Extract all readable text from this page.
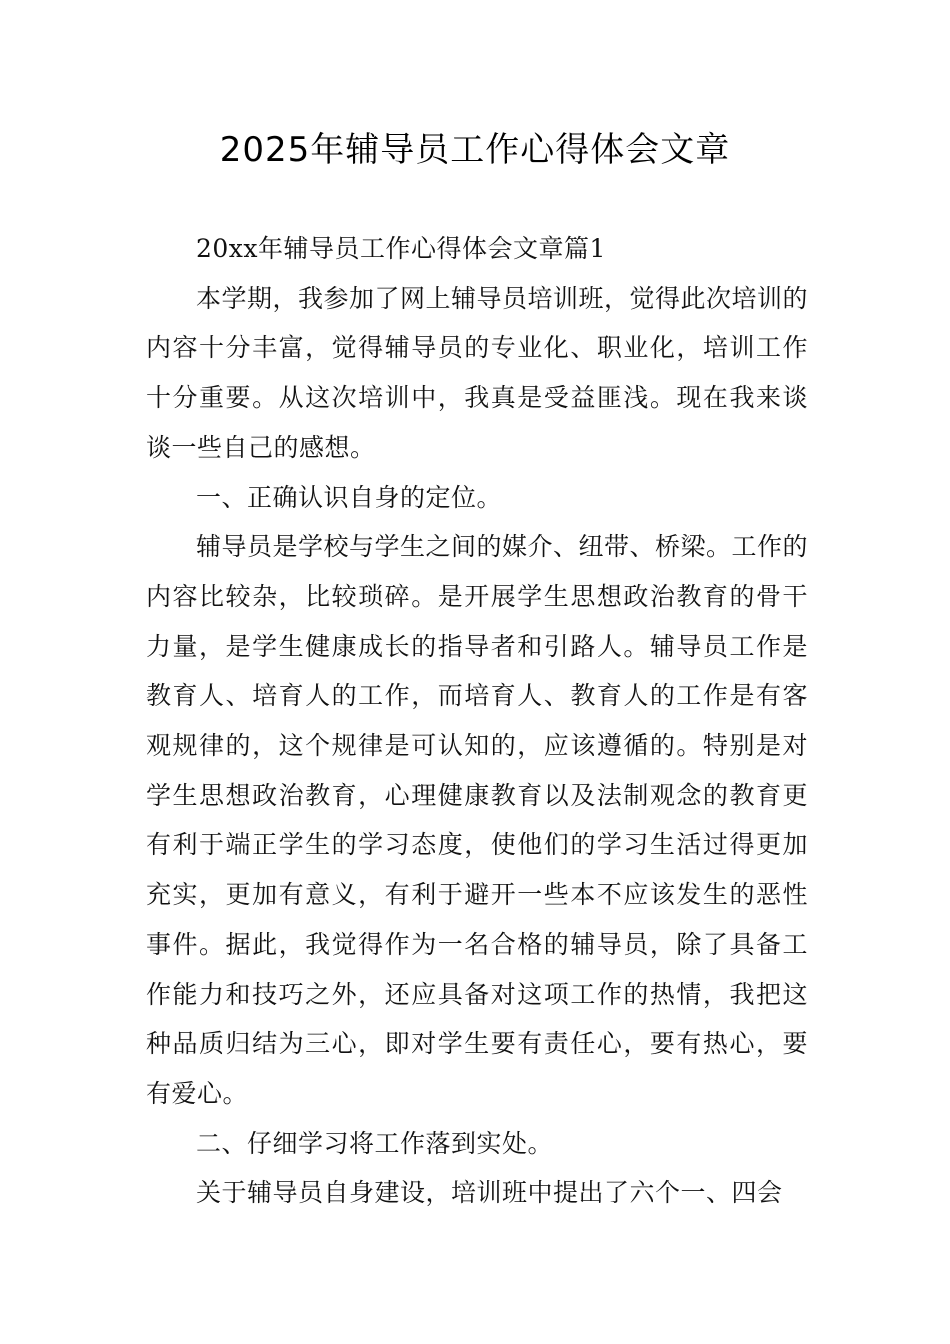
2025年辅导员工作心得体会文章

20xx年辅导员工作心得体会文章篇1

本学期，我参加了网上辅导员培训班，觉得此次培训的内容十分丰富，觉得辅导员的专业化、职业化，培训工作十分重要。从这次培训中，我真是受益匪浅。现在我来谈谈一些自己的感想。

一、正确认识自身的定位。

辅导员是学校与学生之间的媒介、纽带、桥梁。工作的内容比较杂，比较琐碎。是开展学生思想政治教育的骨干力量，是学生健康成长的指导者和引路人。辅导员工作是教育人、培育人的工作，而培育人、教育人的工作是有客观规律的，这个规律是可认知的，应该遵循的。特别是对学生思想政治教育，心理健康教育以及法制观念的教育更有利于端正学生的学习态度，使他们的学习生活过得更加充实，更加有意义，有利于避开一些本不应该发生的恶性事件。据此，我觉得作为一名合格的辅导员，除了具备工作能力和技巧之外，还应具备对这项工作的热情，我把这种品质归结为三心，即对学生要有责任心，要有热心，要有爱心。

二、仔细学习将工作落到实处。

关于辅导员自身建设，培训班中提出了六个一、四会
